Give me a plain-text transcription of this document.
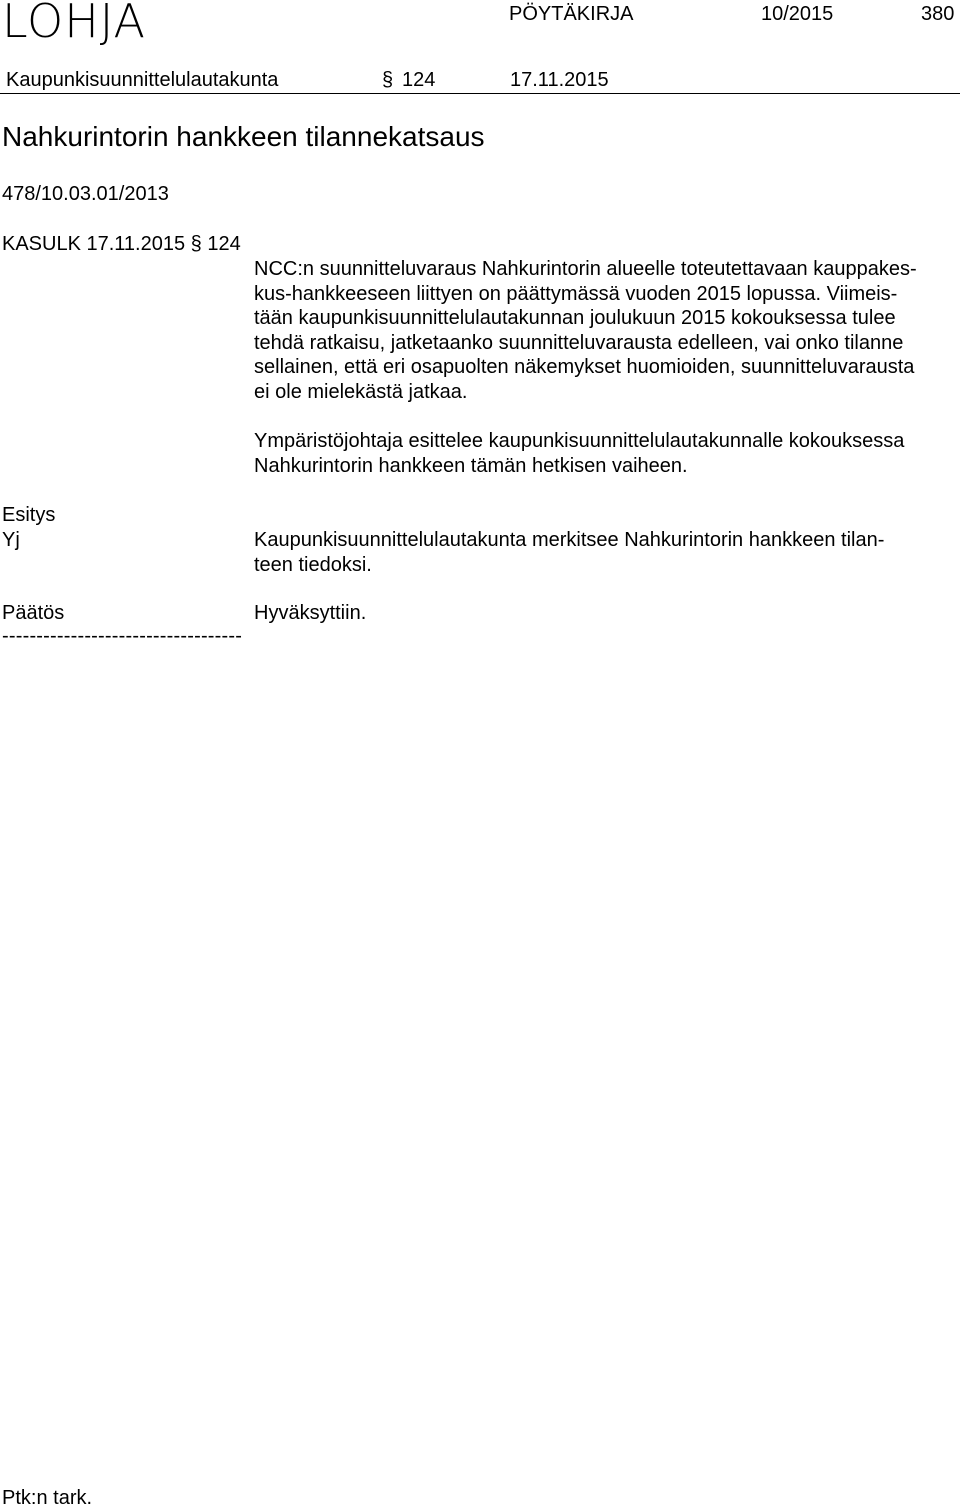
LOHJA	PÖYTÄKIRJA	10/2015	380
Kaupunkisuunnittelulautakunta	§ 124	17.11.2015
Nahkurintorin hankkeen tilannekatsaus
478/10.03.01/2013
KASULK 17.11.2015 § 124
NCC:n suunnitteluvaraus Nahkurintorin alueelle toteutettavaan kauppakes-
kus-hankkeeseen liittyen on päättymässä vuoden 2015 lopussa. Viimeis-
tään kaupunkisuunnittelulautakunnan joulukuun 2015 kokouksessa tulee
tehdä ratkaisu, jatketaanko suunnitteluvarausta edelleen, vai onko tilanne
sellainen, että eri osapuolten näkemykset huomioiden, suunnitteluvarausta
ei ole mielekästä jatkaa.
Ympäristöjohtaja esittelee kaupunkisuunnittelulautakunnalle kokouksessa
Nahkurintorin hankkeen tämän hetkisen vaiheen.
Esitys
Yj	Kaupunkisuunnittelulautakunta merkitsee Nahkurintorin hankkeen tilan-
teen tiedoksi.
Päätös	Hyväksyttiin.
-----------------------------------
Ptk:n tark.
